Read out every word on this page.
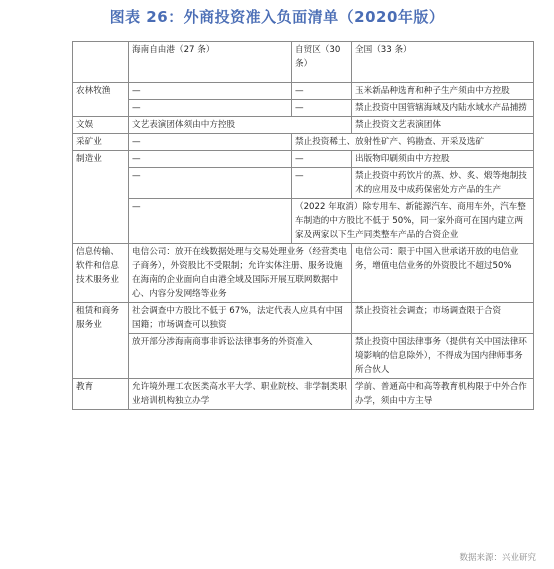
图表 26：外商投资准入负面清单（2020年版）
	海南自由港（27 条）	自贸区（30 条）	全国（33 条）
农林牧渔	—	—	玉米新品种选育和种子生产须由中方控股
	—	—	禁止投资中国管辖海域及内陆水域水产品捕捞
文娱	文艺表演团体须由中方控股		禁止投资文艺表演团体
采矿业	—	禁止投资稀土、放射性矿产、钨勘查、开采及选矿	
制造业	—	—	出版物印刷须由中方控股
	—	—	禁止投资中药饮片的蒸、炒、炙、煅等炮制技术的应用及中成药保密处方产品的生产
	—	（2022 年取消）除专用车、新能源汽车、商用车外，汽车整车制造的中方股比不低于 50%，同一家外商可在国内建立两家及两家以下生产同类整车产品的合资企业	
信息传输、软件和信息技术服务业	电信公司：放开在线数据处理与交易处理业务（经营类电子商务），外资股比不受限制；允许实体注册、服务设施在海南的企业面向自由港全域及国际开展互联网数据中心、内容分发网络等业务		电信公司：限于中国入世承诺开放的电信业务，增值电信业务的外资股比不超过50%
租赁和商务服务业	社会调查中方股比不低于 67%，法定代表人应具有中国国籍；市场调查可以独资		禁止投资社会调查；市场调查限于合资
	放开部分涉海南商事非诉讼法律事务的外资准入		禁止投资中国法律事务（提供有关中国法律环境影响的信息除外），不得成为国内律师事务所合伙人
教育	允许境外理工农医类高水平大学、职业院校、非学制类职业培训机构独立办学		学前、普通高中和高等教育机构限于中外合作办学，须由中方主导
数据来源：兴业研究
